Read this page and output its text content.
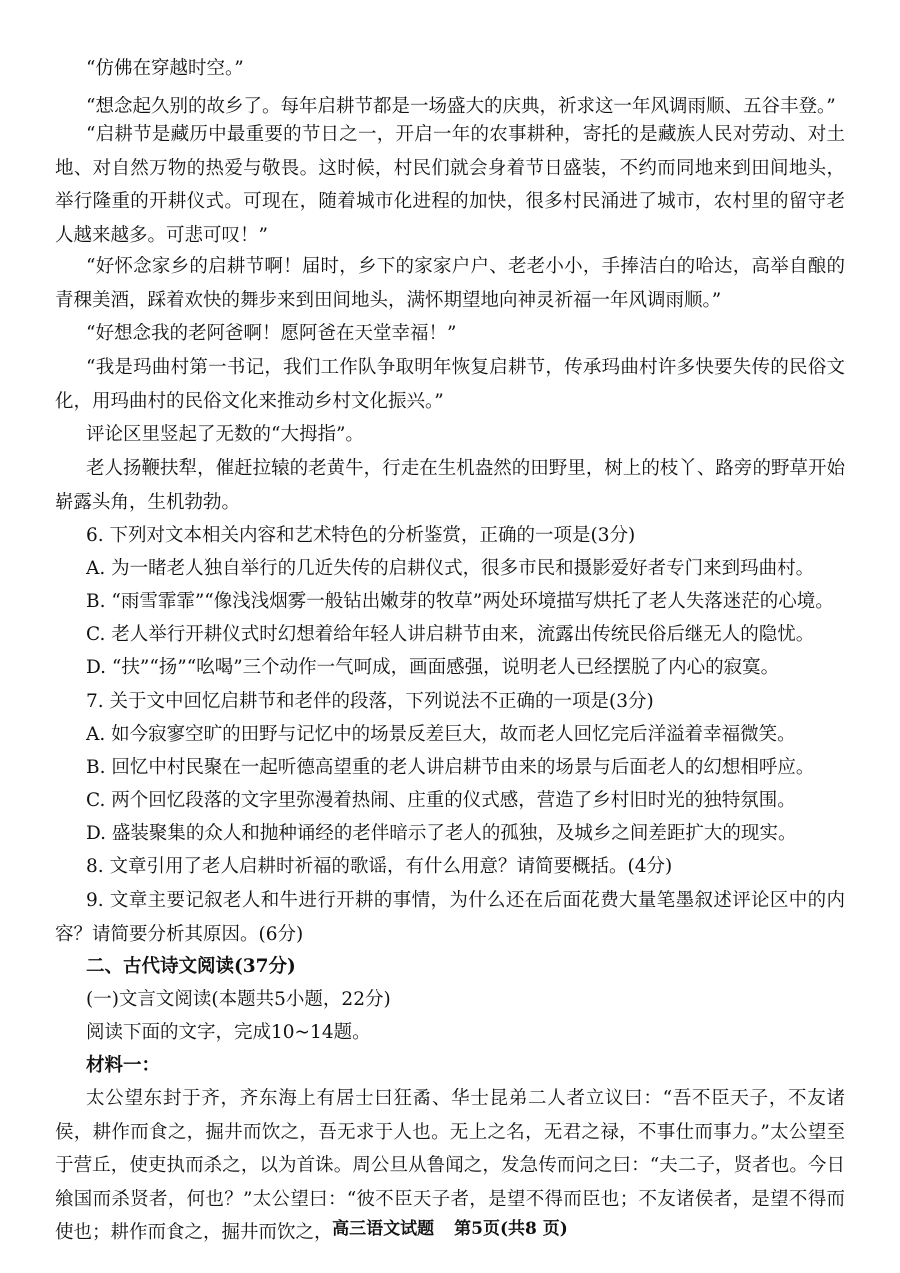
“仿佛在穿越时空。”

“想念起久别的故乡了。每年启耕节都是一场盛大的庆典，祈求这一年风调雨顺、五谷丰登。”

“启耕节是藏历中最重要的节日之一，开启一年的农事耕种，寄托的是藏族人民对劳动、对土地、对自然万物的热爱与敬畏。这时候，村民们就会身着节日盛装，不约而同地来到田间地头，举行隆重的开耕仪式。可现在，随着城市化进程的加快，很多村民涌进了城市，农村里的留守老人越来越多。可悲可叹！”

“好怀念家乡的启耕节啊！届时，乡下的家家户户、老老小小，手捧洁白的哈达，高举自酿的青稞美酒，踩着欢快的舞步来到田间地头，满怀期望地向神灵祈福一年风调雨顺。”

“好想念我的老阿爸啊！愿阿爸在天堂幸福！”

“我是玛曲村第一书记，我们工作队争取明年恢复启耕节，传承玛曲村许多快要失传的民俗文化，用玛曲村的民俗文化来推动乡村文化振兴。”

评论区里竖起了无数的“大拇指”。

老人扬鞭扶犁，催赶拉辕的老黄牛，行走在生机盎然的田野里，树上的枝丫、路旁的野草开始崭露头角，生机勃勃。

6. 下列对文本相关内容和艺术特色的分析鉴赏，正确的一项是(3分)

A. 为一睹老人独自举行的几近失传的启耕仪式，很多市民和摄影爱好者专门来到玛曲村。

B. “雨雪霏霏”“像浅浅烟雾一般钻出嫩芽的牧草”两处环境描写烘托了老人失落迷茫的心境。

C. 老人举行开耕仪式时幻想着给年轻人讲启耕节由来，流露出传统民俗后继无人的隐忧。

D. “扶”“扬”“吆喝”三个动作一气呵成，画面感强，说明老人已经摆脱了内心的寂寞。

7. 关于文中回忆启耕节和老伴的段落，下列说法不正确的一项是(3分)

A. 如今寂寥空旷的田野与记忆中的场景反差巨大，故而老人回忆完后洋溢着幸福微笑。

B. 回忆中村民聚在一起听德高望重的老人讲启耕节由来的场景与后面老人的幻想相呼应。

C. 两个回忆段落的文字里弥漫着热闹、庄重的仪式感，营造了乡村旧时光的独特氛围。

D. 盛装聚集的众人和抛种诵经的老伴暗示了老人的孤独，及城乡之间差距扩大的现实。

8. 文章引用了老人启耕时祈福的歌谣，有什么用意？请简要概括。(4分)

9. 文章主要记叙老人和牛进行开耕的事情，为什么还在后面花费大量笔墨叙述评论区中的内容？请简要分析其原因。(6分)

二、古代诗文阅读(37分)

(一)文言文阅读(本题共5小题，22分)

阅读下面的文字，完成10~14题。

材料一：

太公望东封于齐，齐东海上有居士曰狂矞、华士昆弟二人者立议曰：“吾不臣天子，不友诸侯，耕作而食之，掘井而饮之，吾无求于人也。无上之名，无君之禄，不事仕而事力。”太公望至于营丘，使吏执而杀之，以为首诛。周公旦从鲁闻之，发急传而问之曰：“夫二子，贤者也。今日飨国而杀贤者，何也？”太公望曰：“彼不臣天子者，是望不得而臣也；不友诸侯者，是望不得而使也；耕作而食之，掘井而饮之， 高三语文试题 第5页(共8 页)
